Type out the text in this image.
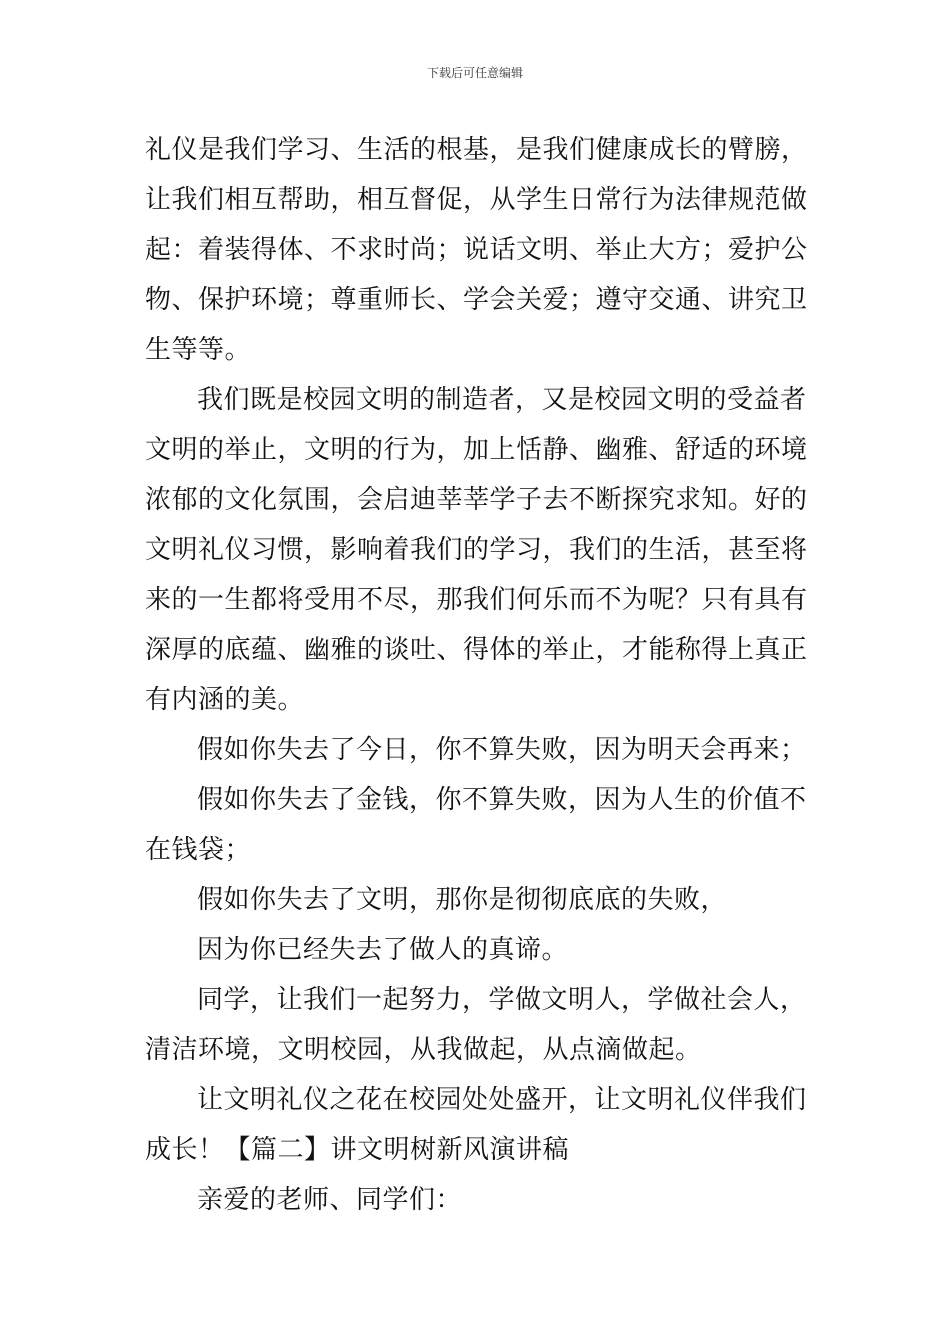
下载后可任意编辑

礼仪是我们学习、生活的根基，是我们健康成长的臂膀，让我们相互帮助，相互督促，从学生日常行为法律规范做起：着装得体、不求时尚；说话文明、举止大方；爱护公物、保护环境；尊重师长、学会关爱；遵守交通、讲究卫生等等。

我们既是校园文明的制造者，又是校园文明的受益者文明的举止，文明的行为，加上恬静、幽雅、舒适的环境浓郁的文化氛围，会启迪莘莘学子去不断探究求知。好的文明礼仪习惯，影响着我们的学习，我们的生活，甚至将来的一生都将受用不尽，那我们何乐而不为呢？只有具有深厚的底蕴、幽雅的谈吐、得体的举止，才能称得上真正有内涵的美。

假如你失去了今日，你不算失败，因为明天会再来；

假如你失去了金钱，你不算失败，因为人生的价值不在钱袋；

假如你失去了文明，那你是彻彻底底的失败，

因为你已经失去了做人的真谛。

同学，让我们一起努力，学做文明人，学做社会人，清洁环境，文明校园，从我做起，从点滴做起。

让文明礼仪之花在校园处处盛开，让文明礼仪伴我们成长！【篇二】讲文明树新风演讲稿

亲爱的老师、同学们：
